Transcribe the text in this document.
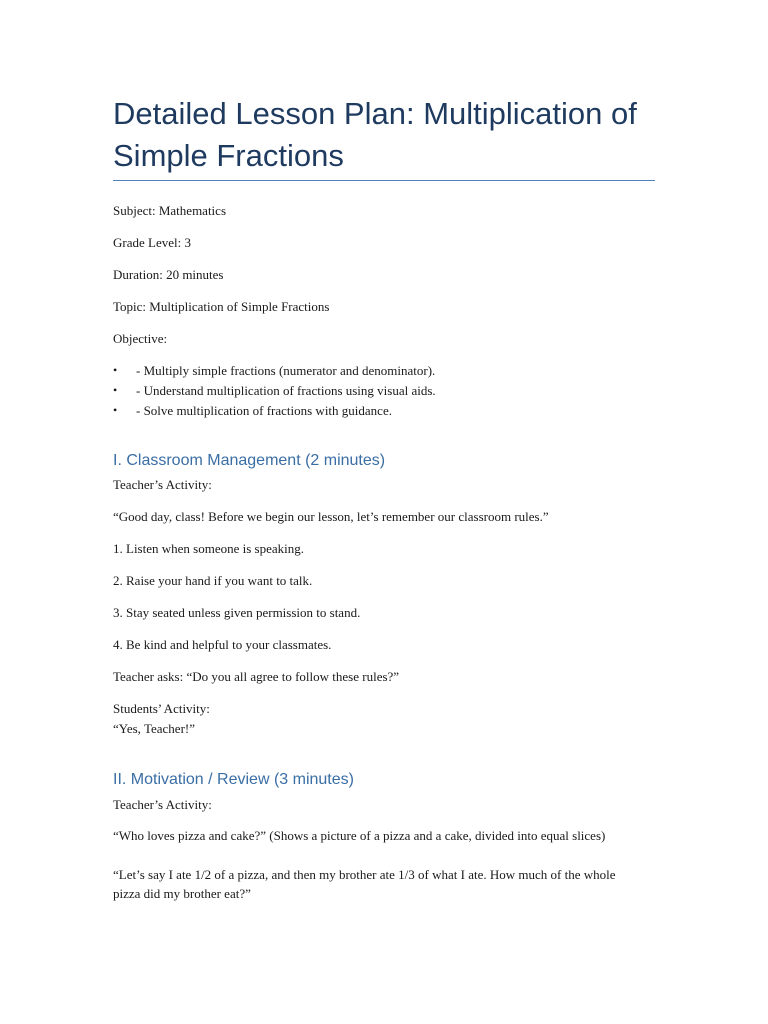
Detailed Lesson Plan: Multiplication of Simple Fractions

Subject: Mathematics

Grade Level: 3

Duration: 20 minutes

Topic: Multiplication of Simple Fractions

Objective:

• - Multiply simple fractions (numerator and denominator).
• - Understand multiplication of fractions using visual aids.
• - Solve multiplication of fractions with guidance.
I. Classroom Management (2 minutes)

Teacher’s Activity:

“Good day, class! Before we begin our lesson, let’s remember our classroom rules.”

1. Listen when someone is speaking.

2. Raise your hand if you want to talk.

3. Stay seated unless given permission to stand.

4. Be kind and helpful to your classmates.

Teacher asks: “Do you all agree to follow these rules?”

Students’ Activity:

“Yes, Teacher!”

II. Motivation / Review (3 minutes)

Teacher’s Activity:

“Who loves pizza and cake?” (Shows a picture of a pizza and a cake, divided into equal slices)

“Let’s say I ate 1/2 of a pizza, and then my brother ate 1/3 of what I ate. How much of the whole pizza did my brother eat?”
